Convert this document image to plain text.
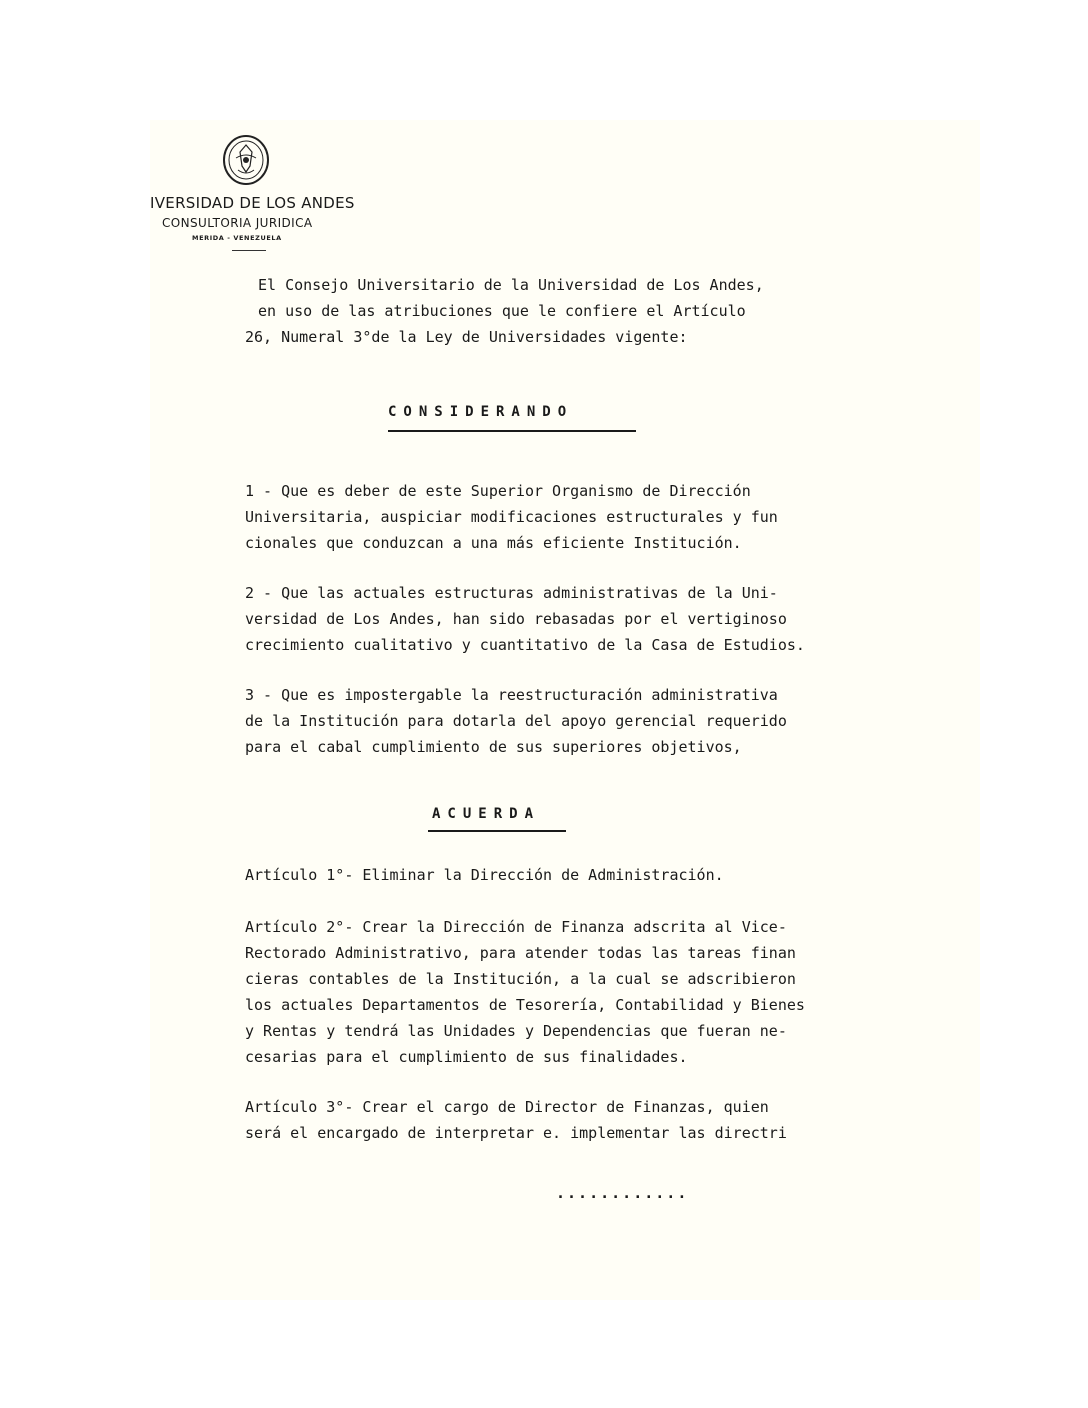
IVERSIDAD DE LOS ANDES
CONSULTORIA JURIDICA
MERIDA - VENEZUELA
El Consejo Universitario de la Universidad de Los Andes,
en uso de las atribuciones que le confiere el Artículo
26, Numeral 3°de la Ley de Universidades vigente:
CONSIDERANDO
1 - Que es deber de este Superior Organismo de Dirección
Universitaria, auspiciar modificaciones estructurales y fun
cionales que conduzcan a una más eficiente Institución.
2 - Que las actuales estructuras administrativas de la Uni-
versidad de Los Andes, han sido rebasadas por el vertiginoso
crecimiento cualitativo y cuantitativo de la Casa de Estudios.
3 - Que es impostergable la reestructuración administrativa
de la Institución para dotarla del apoyo gerencial requerido
para el cabal cumplimiento de sus superiores objetivos,
ACUERDA
Artículo 1°- Eliminar la Dirección de Administración.
Artículo 2°- Crear la Dirección de Finanza adscrita al Vice-
Rectorado Administrativo, para atender todas las tareas finan
cieras contables de la Institución, a la cual se adscribieron
los actuales Departamentos de Tesorería, Contabilidad y Bienes
y Rentas y tendrá las Unidades y Dependencias que fueran ne-
cesarias para el cumplimiento de sus finalidades.
Artículo 3°- Crear el cargo de Director de Finanzas, quien
será el encargado de interpretar e. implementar las directri
............
